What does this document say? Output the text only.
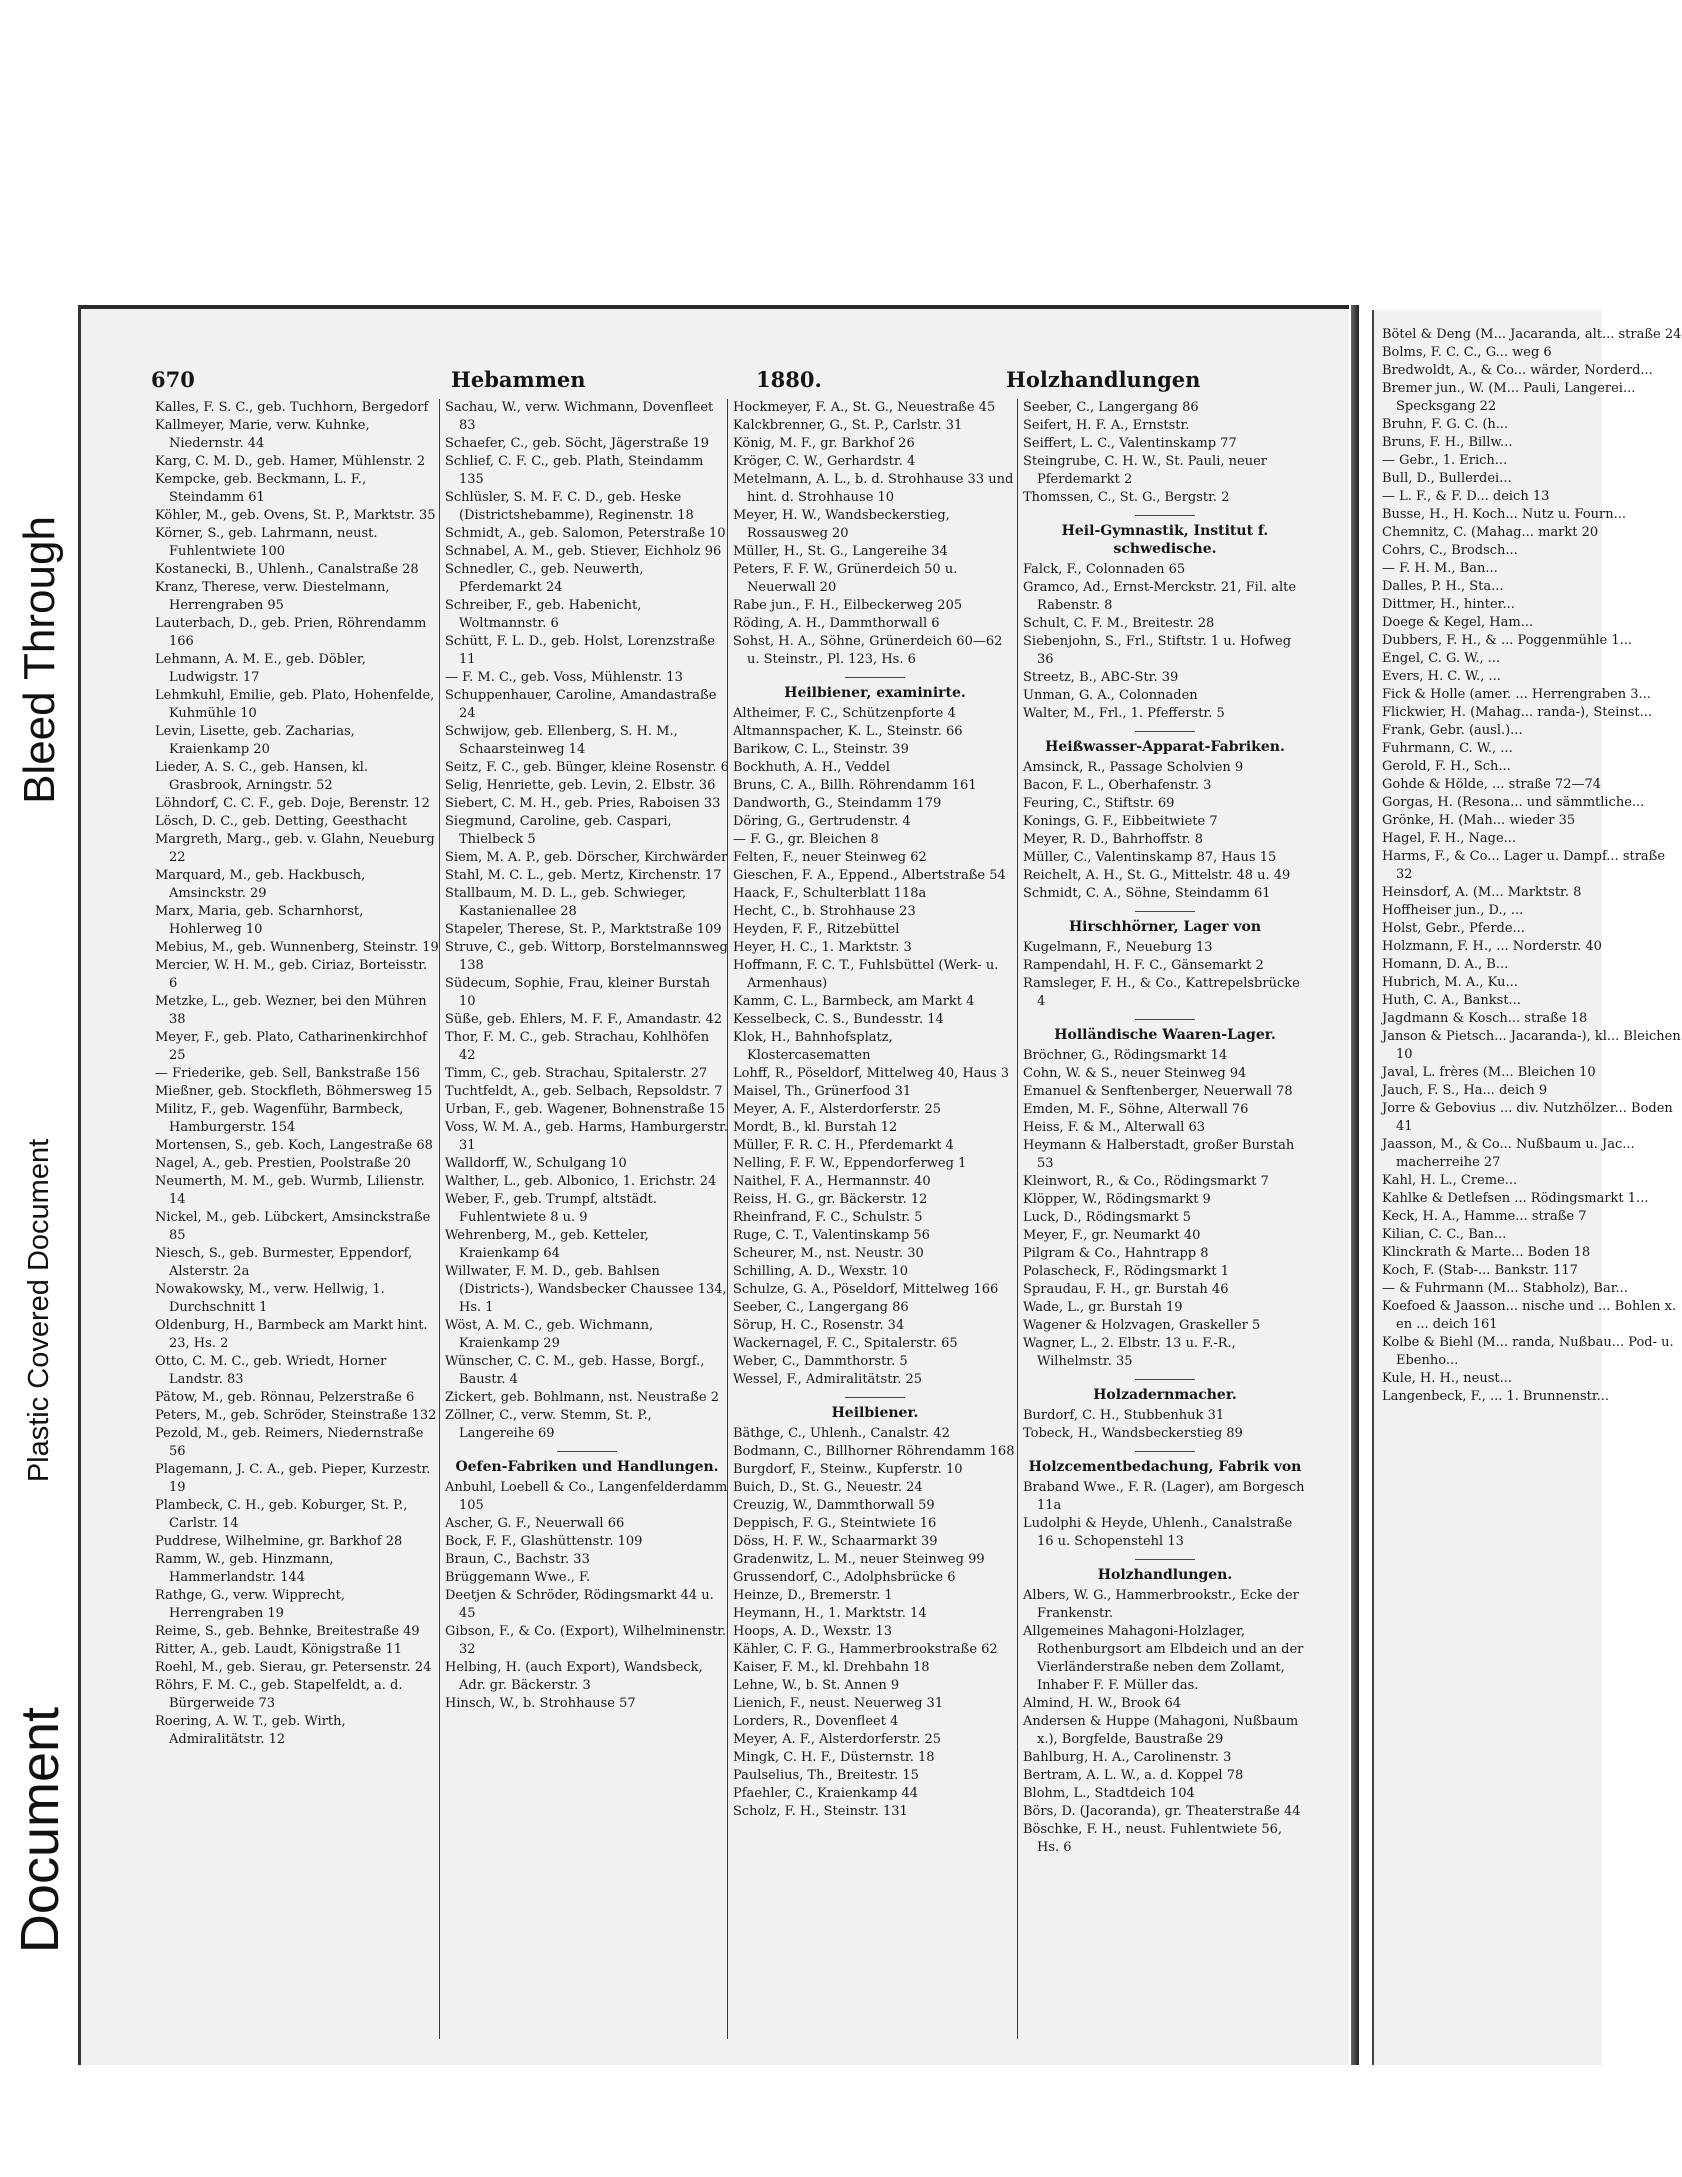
Bleed Through
Plastic Covered Document
Document
670	Hebammen	1880.	Holzhandlungen

Kalles, F. S. C., geb. Tuchhorn, Bergedorf

Kallmeyer, Marie, verw. Kuhnke, Niedernstr. 44

Karg, C. M. D., geb. Hamer, Mühlenstr. 2

Kempcke, geb. Beckmann, L. F., Steindamm 61

Köhler, M., geb. Ovens, St. P., Marktstr. 35

Körner, S., geb. Lahrmann, neust. Fuhlentwiete 100

Kostanecki, B., Uhlenh., Canalstraße 28

Kranz, Therese, verw. Diestelmann, Herrengraben 95

Lauterbach, D., geb. Prien, Röhrendamm 166

Lehmann, A. M. E., geb. Döbler, Ludwigstr. 17

Lehmkuhl, Emilie, geb. Plato, Hohenfelde, Kuhmühle 10

Levin, Lisette, geb. Zacharias, Kraienkamp 20

Lieder, A. S. C., geb. Hansen, kl. Grasbrook, Arningstr. 52

Löhndorf, C. C. F., geb. Doje, Berenstr. 12

Lösch, D. C., geb. Detting, Geesthacht

Margreth, Marg., geb. v. Glahn, Neueburg 22

Marquard, M., geb. Hackbusch, Amsinckstr. 29

Marx, Maria, geb. Scharnhorst, Hohlerweg 10

Mebius, M., geb. Wunnenberg, Steinstr. 19

Mercier, W. H. M., geb. Ciriaz, Borteisstr. 6

Metzke, L., geb. Wezner, bei den Mühren 38

Meyer, F., geb. Plato, Catharinenkirchhof 25

— Friederike, geb. Sell, Bankstraße 156

Mießner, geb. Stockfleth, Böhmersweg 15

Militz, F., geb. Wagenführ, Barmbeck, Hamburgerstr. 154

Mortensen, S., geb. Koch, Langestraße 68

Nagel, A., geb. Prestien, Poolstraße 20

Neumerth, M. M., geb. Wurmb, Lilienstr. 14

Nickel, M., geb. Lübckert, Amsinckstraße 85

Niesch, S., geb. Burmester, Eppendorf, Alsterstr. 2a

Nowakowsky, M., verw. Hellwig, 1. Durchschnitt 1

Oldenburg, H., Barmbeck am Markt hint. 23, Hs. 2

Otto, C. M. C., geb. Wriedt, Horner Landstr. 83

Pätow, M., geb. Rönnau, Pelzerstraße 6

Peters, M., geb. Schröder, Steinstraße 132

Pezold, M., geb. Reimers, Niedernstraße 56

Plagemann, J. C. A., geb. Pieper, Kurzestr. 19

Plambeck, C. H., geb. Koburger, St. P., Carlstr. 14

Puddrese, Wilhelmine, gr. Barkhof 28

Ramm, W., geb. Hinzmann, Hammerlandstr. 144

Rathge, G., verw. Wipprecht, Herrengraben 19

Reime, S., geb. Behnke, Breitestraße 49

Ritter, A., geb. Laudt, Königstraße 11

Roehl, M., geb. Sierau, gr. Petersenstr. 24

Röhrs, F. M. C., geb. Stapelfeldt, a. d. Bürgerweide 73

Roering, A. W. T., geb. Wirth, Admiralitätstr. 12

Sachau, W., verw. Wichmann, Dovenfleet 83

Schaefer, C., geb. Söcht, Jägerstraße 19

Schlief, C. F. C., geb. Plath, Steindamm 135

Schlüsler, S. M. F. C. D., geb. Heske (Districtshebamme), Reginenstr. 18

Schmidt, A., geb. Salomon, Peterstraße 10

Schnabel, A. M., geb. Stiever, Eichholz 96

Schnedler, C., geb. Neuwerth, Pferdemarkt 24

Schreiber, F., geb. Habenicht, Woltmannstr. 6

Schütt, F. L. D., geb. Holst, Lorenzstraße 11

— F. M. C., geb. Voss, Mühlenstr. 13

Schuppenhauer, Caroline, Amandastraße 24

Schwijow, geb. Ellenberg, S. H. M., Schaarsteinweg 14

Seitz, F. C., geb. Bünger, kleine Rosenstr. 6

Selig, Henriette, geb. Levin, 2. Elbstr. 36

Siebert, C. M. H., geb. Pries, Raboisen 33

Siegmund, Caroline, geb. Caspari, Thielbeck 5

Siem, M. A. P., geb. Dörscher, Kirchwärder

Stahl, M. C. L., geb. Mertz, Kirchenstr. 17

Stallbaum, M. D. L., geb. Schwieger, Kastanienallee 28

Stapeler, Therese, St. P., Marktstraße 109

Struve, C., geb. Wittorp, Borstelmannsweg 138

Südecum, Sophie, Frau, kleiner Burstah 10

Süße, geb. Ehlers, M. F. F., Amandastr. 42

Thor, F. M. C., geb. Strachau, Kohlhöfen 42

Timm, C., geb. Strachau, Spitalerstr. 27

Tuchtfeldt, A., geb. Selbach, Repsoldstr. 7

Urban, F., geb. Wagener, Bohnenstraße 15

Voss, W. M. A., geb. Harms, Hamburgerstr. 31

Walldorff, W., Schulgang 10

Walther, L., geb. Albonico, 1. Erichstr. 24

Weber, F., geb. Trumpf, altstädt. Fuhlentwiete 8 u. 9

Wehrenberg, M., geb. Ketteler, Kraienkamp 64

Willwater, F. M. D., geb. Bahlsen (Districts-), Wandsbecker Chaussee 134, Hs. 1

Wöst, A. M. C., geb. Wichmann, Kraienkamp 29

Wünscher, C. C. M., geb. Hasse, Borgf., Baustr. 4

Zickert, geb. Bohlmann, nst. Neustraße 2

Zöllner, C., verw. Stemm, St. P., Langereihe 69

Oefen-Fabriken und Handlungen.

Anbuhl, Loebell & Co., Langenfelderdamm 105

Ascher, G. F., Neuerwall 66

Bock, F. F., Glashüttenstr. 109

Braun, C., Bachstr. 33

Brüggemann Wwe., F.

Deetjen & Schröder, Rödingsmarkt 44 u. 45

Gibson, F., & Co. (Export), Wilhelminenstr. 32

Helbing, H. (auch Export), Wandsbeck, Adr. gr. Bäckerstr. 3

Hinsch, W., b. Strohhause 57

Hockmeyer, F. A., St. G., Neuestraße 45

Kalckbrenner, G., St. P., Carlstr. 31

König, M. F., gr. Barkhof 26

Kröger, C. W., Gerhardstr. 4

Metelmann, A. L., b. d. Strohhause 33 und hint. d. Strohhause 10

Meyer, H. W., Wandsbeckerstieg, Rossausweg 20

Müller, H., St. G., Langereihe 34

Peters, F. F. W., Grünerdeich 50 u. Neuerwall 20

Rabe jun., F. H., Eilbeckerweg 205

Röding, A. H., Dammthorwall 6

Sohst, H. A., Söhne, Grünerdeich 60—62 u. Steinstr., Pl. 123, Hs. 6

Heilbiener, examinirte.

Altheimer, F. C., Schützenpforte 4

Altmannspacher, K. L., Steinstr. 66

Barikow, C. L., Steinstr. 39

Bockhuth, A. H., Veddel

Bruns, C. A., Billh. Röhrendamm 161

Dandworth, G., Steindamm 179

Döring, G., Gertrudenstr. 4

— F. G., gr. Bleichen 8

Felten, F., neuer Steinweg 62

Gieschen, F. A., Eppend., Albertstraße 54

Haack, F., Schulterblatt 118a

Hecht, C., b. Strohhause 23

Heyden, F. F., Ritzebüttel

Heyer, H. C., 1. Marktstr. 3

Hoffmann, F. C. T., Fuhlsbüttel (Werk- u. Armenhaus)

Kamm, C. L., Barmbeck, am Markt 4

Kesselbeck, C. S., Bundesstr. 14

Klok, H., Bahnhofsplatz, Klostercasematten

Lohff, R., Pöseldorf, Mittelweg 40, Haus 3

Maisel, Th., Grünerfood 31

Meyer, A. F., Alsterdorferstr. 25

Mordt, B., kl. Burstah 12

Müller, F. R. C. H., Pferdemarkt 4

Nelling, F. F. W., Eppendorferweg 1

Naithel, F. A., Hermannstr. 40

Reiss, H. G., gr. Bäckerstr. 12

Rheinfrand, F. C., Schulstr. 5

Ruge, C. T., Valentinskamp 56

Scheurer, M., nst. Neustr. 30

Schilling, A. D., Wexstr. 10

Schulze, G. A., Pöseldorf, Mittelweg 166

Seeber, C., Langergang 86

Sörup, H. C., Rosenstr. 34

Wackernagel, F. C., Spitalerstr. 65

Weber, C., Dammthorstr. 5

Wessel, F., Admiralitätstr. 25

Heilbiener.

Bäthge, C., Uhlenh., Canalstr. 42

Bodmann, C., Billhorner Röhrendamm 168

Burgdorf, F., Steinw., Kupferstr. 10

Buich, D., St. G., Neuestr. 24

Creuzig, W., Dammthorwall 59

Deppisch, F. G., Steintwiete 16

Döss, H. F. W., Schaarmarkt 39

Gradenwitz, L. M., neuer Steinweg 99

Grussendorf, C., Adolphsbrücke 6

Heinze, D., Bremerstr. 1

Heymann, H., 1. Marktstr. 14

Hoops, A. D., Wexstr. 13

Kähler, C. F. G., Hammerbrookstraße 62

Kaiser, F. M., kl. Drehbahn 18

Lehne, W., b. St. Annen 9

Lienich, F., neust. Neuerweg 31

Lorders, R., Dovenfleet 4

Meyer, A. F., Alsterdorferstr. 25

Mingk, C. H. F., Düsternstr. 18

Paulselius, Th., Breitestr. 15

Pfaehler, C., Kraienkamp 44

Scholz, F. H., Steinstr. 131

Seeber, C., Langergang 86

Seifert, H. F. A., Ernststr.

Seiffert, L. C., Valentinskamp 77

Steingrube, C. H. W., St. Pauli, neuer Pferdemarkt 2

Thomssen, C., St. G., Bergstr. 2

Heil-Gymnastik, Institut f. schwedische.

Falck, F., Colonnaden 65

Gramco, Ad., Ernst-Merckstr. 21, Fil. alte Rabenstr. 8

Schult, C. F. M., Breitestr. 28

Siebenjohn, S., Frl., Stiftstr. 1 u. Hofweg 36

Streetz, B., ABC-Str. 39

Unman, G. A., Colonnaden

Walter, M., Frl., 1. Pfefferstr. 5

Heißwasser-Apparat-Fabriken.

Amsinck, R., Passage Scholvien 9

Bacon, F. L., Oberhafenstr. 3

Feuring, C., Stiftstr. 69

Konings, G. F., Eibbeitwiete 7

Meyer, R. D., Bahrhoffstr. 8

Müller, C., Valentinskamp 87, Haus 15

Reichelt, A. H., St. G., Mittelstr. 48 u. 49

Schmidt, C. A., Söhne, Steindamm 61

Hirschhörner, Lager von

Kugelmann, F., Neueburg 13

Rampendahl, H. F. C., Gänsemarkt 2

Ramsleger, F. H., & Co., Kattrepelsbrücke 4

Holländische Waaren-Lager.

Bröchner, G., Rödingsmarkt 14

Cohn, W. & S., neuer Steinweg 94

Emanuel & Senftenberger, Neuerwall 78

Emden, M. F., Söhne, Alterwall 76

Heiss, F. & M., Alterwall 63

Heymann & Halberstadt, großer Burstah 53

Kleinwort, R., & Co., Rödingsmarkt 7

Klöpper, W., Rödingsmarkt 9

Luck, D., Rödingsmarkt 5

Meyer, F., gr. Neumarkt 40

Pilgram & Co., Hahntrapp 8

Polascheck, F., Rödingsmarkt 1

Spraudau, F. H., gr. Burstah 46

Wade, L., gr. Burstah 19

Wagener & Holzvagen, Graskeller 5

Wagner, L., 2. Elbstr. 13 u. F.-R., Wilhelmstr. 35

Holzadernmacher.

Burdorf, C. H., Stubbenhuk 31

Tobeck, H., Wandsbeckerstieg 89

Holzcementbedachung, Fabrik von

Braband Wwe., F. R. (Lager), am Borgesch 11a

Ludolphi & Heyde, Uhlenh., Canalstraße 16 u. Schopenstehl 13

Holzhandlungen.

Albers, W. G., Hammerbrookstr., Ecke der Frankenstr.

Allgemeines Mahagoni-Holzlager, Rothenburgsort am Elbdeich und an der Vierländerstraße neben dem Zollamt, Inhaber F. F. Müller das.

Almind, H. W., Brook 64

Andersen & Huppe (Mahagoni, Nußbaum x.), Borgfelde, Baustraße 29

Bahlburg, H. A., Carolinenstr. 3

Bertram, A. L. W., a. d. Koppel 78

Blohm, L., Stadtdeich 104

Börs, D. (Jacoranda), gr. Theaterstraße 44

Böschke, F. H., neust. Fuhlentwiete 56, Hs. 6

Bötel & Deng (M... Jacaranda, alt... straße 24

Bolms, F. C. C., G... weg 6

Bredwoldt, A., & Co... wärder, Norderd...

Bremer jun., W. (M... Pauli, Langerei... Specksgang 22

Bruhn, F. G. C. (h...

Bruns, F. H., Billw...

— Gebr., 1. Erich...

Bull, D., Bullerdei...

— L. F., & F. D... deich 13

Busse, H., H. Koch... Nutz u. Fourn...

Chemnitz, C. (Mahag... markt 20

Cohrs, C., Brodsch...

— F. H. M., Ban...

Dalles, P. H., Sta...

Dittmer, H., hinter...

Doege & Kegel, Ham...

Dubbers, F. H., & ... Poggenmühle 1...

Engel, C. G. W., ...

Evers, H. C. W., ...

Fick & Holle (amer. ... Herrengraben 3...

Flickwier, H. (Mahag... randa-), Steinst...

Frank, Gebr. (ausl.)...

Fuhrmann, C. W., ...

Gerold, F. H., Sch...

Gohde & Hölde, ... straße 72—74

Gorgas, H. (Resona... und sämmtliche...

Grönke, H. (Mah... wieder 35

Hagel, F. H., Nage...

Harms, F., & Co... Lager u. Dampf... straße 32

Heinsdorf, A. (M... Marktstr. 8

Hoffheiser jun., D., ...

Holst, Gebr., Pferde...

Holzmann, F. H., ... Norderstr. 40

Homann, D. A., B...

Hubrich, M. A., Ku...

Huth, C. A., Bankst...

Jagdmann & Kosch... straße 18

Janson & Pietsch... Jacaranda-), kl... Bleichen 10

Javal, L. frères (M... Bleichen 10

Jauch, F. S., Ha... deich 9

Jorre & Gebovius ... div. Nutzhölzer... Boden 41

Jaasson, M., & Co... Nußbaum u. Jac... macherreihe 27

Kahl, H. L., Creme...

Kahlke & Detlefsen ... Rödingsmarkt 1...

Keck, H. A., Hamme... straße 7

Kilian, C. C., Ban...

Klinckrath & Marte... Boden 18

Koch, F. (Stab-... Bankstr. 117

— & Fuhrmann (M... Stabholz), Bar...

Koefoed & Jaasson... nische und ... Bohlen x. en ... deich 161

Kolbe & Biehl (M... randa, Nußbau... Pod- u. Ebenho...

Kule, H. H., neust...

Langenbeck, F., ... 1. Brunnenstr...
